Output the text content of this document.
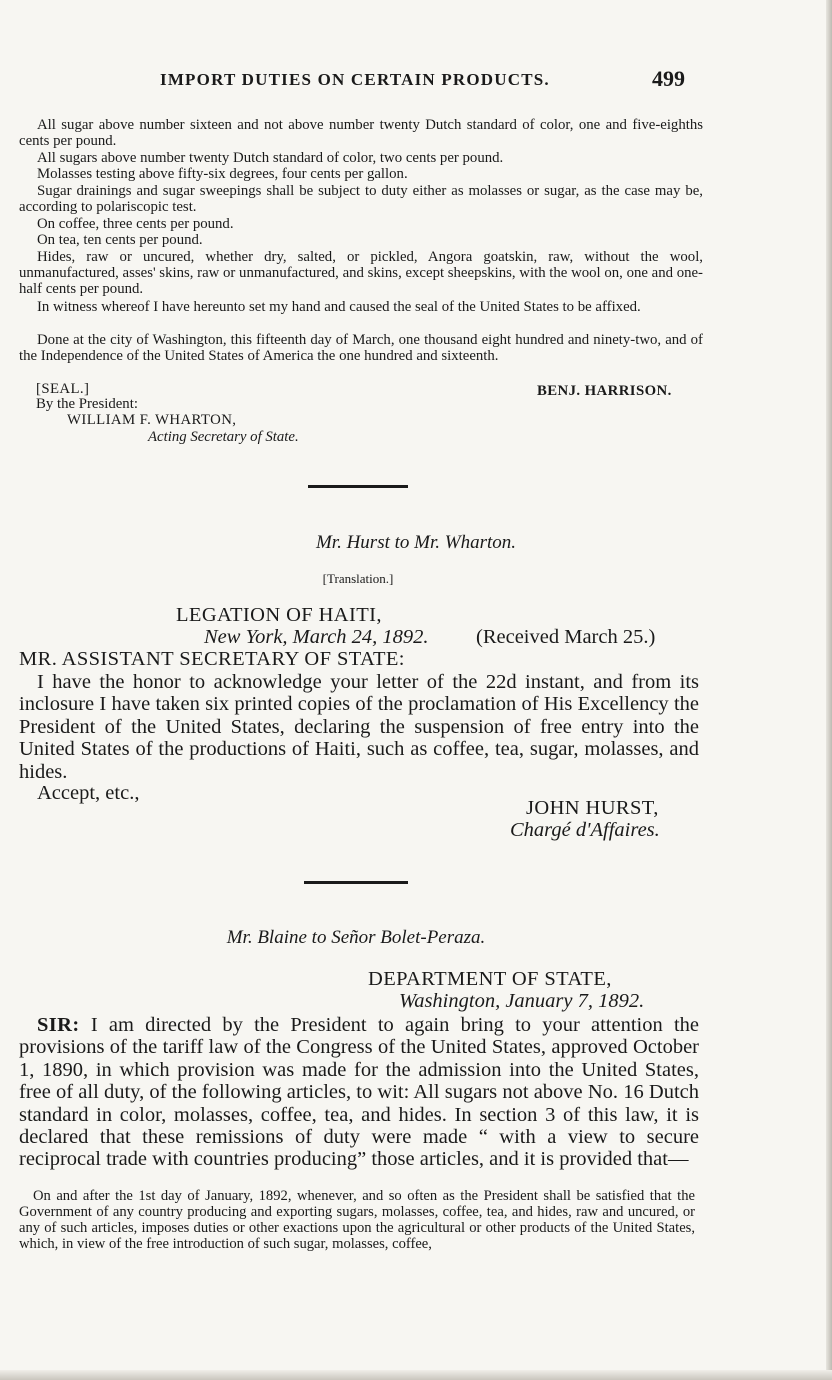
IMPORT DUTIES ON CERTAIN PRODUCTS.	499

All sugar above number sixteen and not above number twenty Dutch standard of color, one and five-eighths cents per pound.

All sugars above number twenty Dutch standard of color, two cents per pound.

Molasses testing above fifty-six degrees, four cents per gallon.

Sugar drainings and sugar sweepings shall be subject to duty either as molasses or sugar, as the case may be, according to polariscopic test.

On coffee, three cents per pound.

On tea, ten cents per pound.

Hides, raw or uncured, whether dry, salted, or pickled, Angora goatskin, raw, without the wool, unmanufactured, asses' skins, raw or unmanufactured, and skins, except sheepskins, with the wool on, one and one-half cents per pound.

In witness whereof I have hereunto set my hand and caused the seal of the United States to be affixed.

Done at the city of Washington, this fifteenth day of March, one thousand eight hundred and ninety-two, and of the Independence of the United States of America the one hundred and sixteenth.

[SEAL.]	BENJ. HARRISON.
By the President:
WILLIAM F. WHARTON,
Acting Secretary of State.
Mr. Hurst to Mr. Wharton.
[Translation.]
LEGATION OF HAITI,
New York, March 24, 1892. (Received March 25.)
MR. ASSISTANT SECRETARY OF STATE:

I have the honor to acknowledge your letter of the 22d instant, and from its inclosure I have taken six printed copies of the proclamation of His Excellency the President of the United States, declaring the suspension of free entry into the United States of the productions of Haiti, such as coffee, tea, sugar, molasses, and hides.

Accept, etc.,
JOHN HURST,
Chargé d'Affaires.
Mr. Blaine to Señor Bolet-Peraza.
DEPARTMENT OF STATE,
Washington, January 7, 1892.

SIR: I am directed by the President to again bring to your attention the provisions of the tariff law of the Congress of the United States, approved October 1, 1890, in which provision was made for the admission into the United States, free of all duty, of the following articles, to wit: All sugars not above No. 16 Dutch standard in color, molasses, coffee, tea, and hides. In section 3 of this law, it is declared that these remissions of duty were made “ with a view to secure reciprocal trade with countries producing” those articles, and it is provided that—

On and after the 1st day of January, 1892, whenever, and so often as the President shall be satisfied that the Government of any country producing and exporting sugars, molasses, coffee, tea, and hides, raw and uncured, or any of such articles, imposes duties or other exactions upon the agricultural or other products of the United States, which, in view of the free introduction of such sugar, molasses, coffee,
